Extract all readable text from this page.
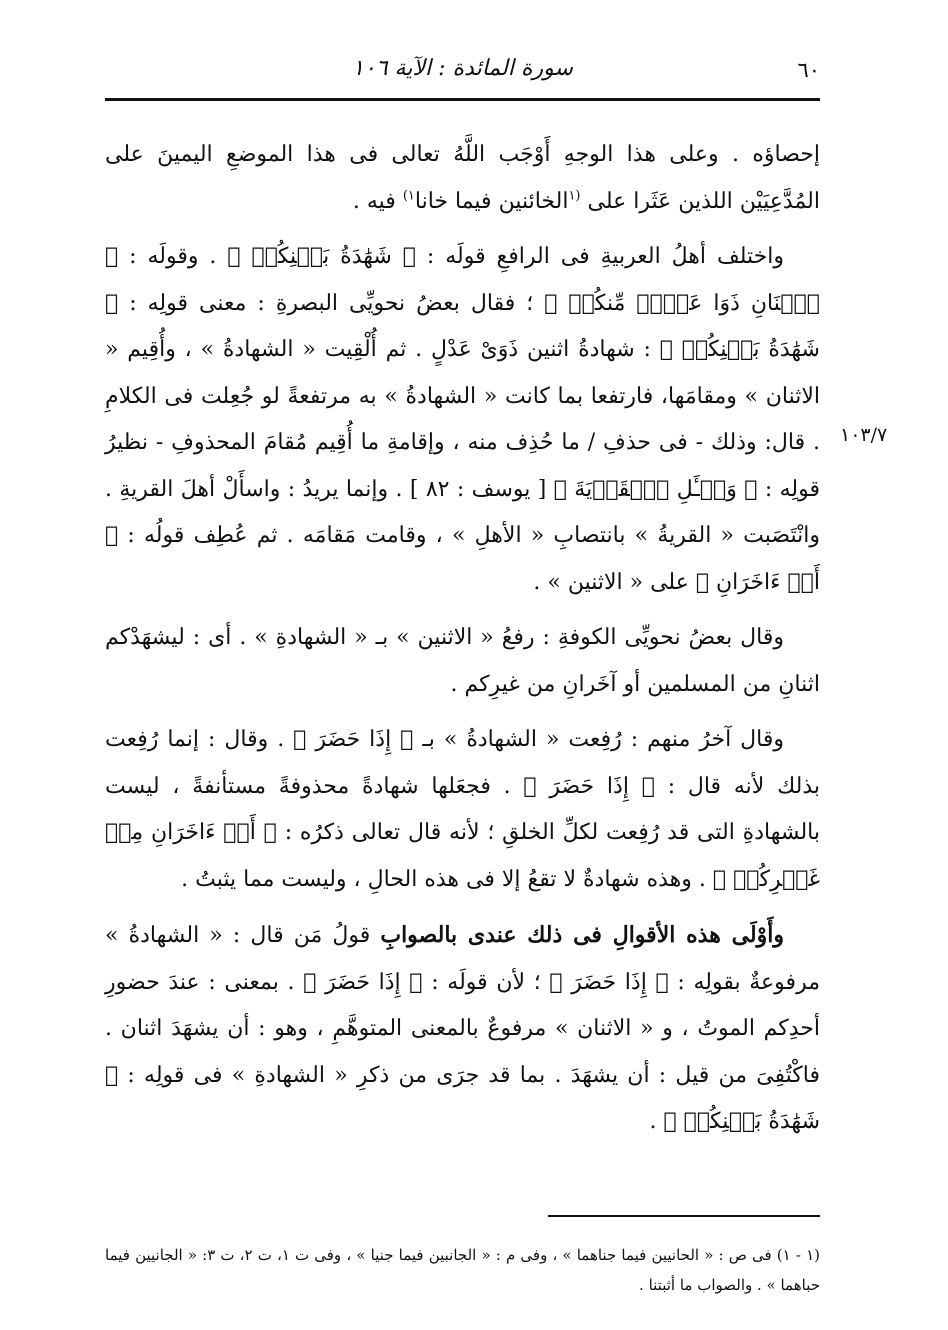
٦٠
سورة المائدة : الآية ١٠٦
١٠٣/٧

إحصاؤه . وعلى هذا الوجهِ أَوْجَب اللَّهُ تعالى فى هذا الموضعِ اليمينَ على المُدَّعِيَيْن اللذين عَثَرا على $^{(١}$الخائنين فيما خانا$^{١)}$ فيه .

واختلف أهلُ العربيةِ فى الرافعِ قولَه : ﴿ شَهَٰدَةُ بَيۡنِكُمۡ ﴾ . وقولَه : ﴿ ٱثۡنَانِ ذَوَا عَدۡلٖ مِّنكُمۡ ﴾ ؛ فقال بعضُ نحويِّى البصرةِ : معنى قولِه : ﴿ شَهَٰدَةُ بَيۡنِكُمۡ ﴾ : شهادةُ اثنين ذَوَىْ عَدْلٍ . ثم أُلْقِيت « الشهادةُ » ، وأُقِيم « الاثنان » ومقامَها، فارتفعا بما كانت « الشهادةُ » به مرتفعةً لو جُعِلت فى الكلامِ . قال: وذلك - فى حذفِ / ما حُذِف منه ، وإقامةِ ما أُقِيم مُقامَ المحذوفِ - نظيرُ قولِه : ﴿ وَسۡـَٔلِ ٱلۡقَرۡيَةَ ﴾ [ يوسف : ٨٢ ] . وإنما يريدُ : واسأَلْ أهلَ القريةِ . وانْتَصَبت « القريةُ » بانتصابِ « الأهلِ » ، وقامت مَقامَه . ثم عُطِف قولُه : ﴿ أَوۡ ءَاخَرَانِ ﴾ على « الاثنين » .

وقال بعضُ نحويِّى الكوفةِ : رفعُ « الاثنين » بـ « الشهادةِ » . أى : ليشهَدْكم اثنانِ من المسلمين أو آخَرانِ من غيرِكم .

وقال آخرُ منهم : رُفِعت « الشهادةُ » بـ ﴿ إِذَا حَضَرَ ﴾ . وقال : إنما رُفِعت بذلك لأنه قال : ﴿ إِذَا حَضَرَ ﴾ . فجعَلها شهادةً محذوفةً مستأنفةً ، ليست بالشهادةِ التى قد رُفِعت لكلِّ الخلقِ ؛ لأنه قال تعالى ذكرُه : ﴿ أَوۡ ءَاخَرَانِ مِنۡ غَيۡرِكُمۡ ﴾ . وهذه شهادةٌ لا تقعُ إلا فى هذه الحالِ ، وليست مما يثبتُ .

وأَوْلَى هذه الأقوالِ فى ذلك عندى بالصوابِ قولُ مَن قال : « الشهادةُ » مرفوعةٌ بقولِه : ﴿ إِذَا حَضَرَ ﴾ ؛ لأن قولَه : ﴿ إِذَا حَضَرَ ﴾ . بمعنى : عندَ حضورِ أحدِكم الموتُ ، و « الاثنان » مرفوعٌ بالمعنى المتوهَّمِ ، وهو : أن يشهَدَ اثنان . فاكْتُفِىَ من قيل : أن يشهَدَ . بما قد جرَى من ذكرِ « الشهادةِ » فى قولِه : ﴿ شَهَٰدَةُ بَيۡنِكُمۡ ﴾ .

(١ - ١) فى ص : « الحانيين فيما جناهما » ، وفى م : « الجانبين فيما جنيا » ، وفى ت ١، ت ٢، ت ٣: « الجانيين فيما حباهما » . والصواب ما أثبتنا .
